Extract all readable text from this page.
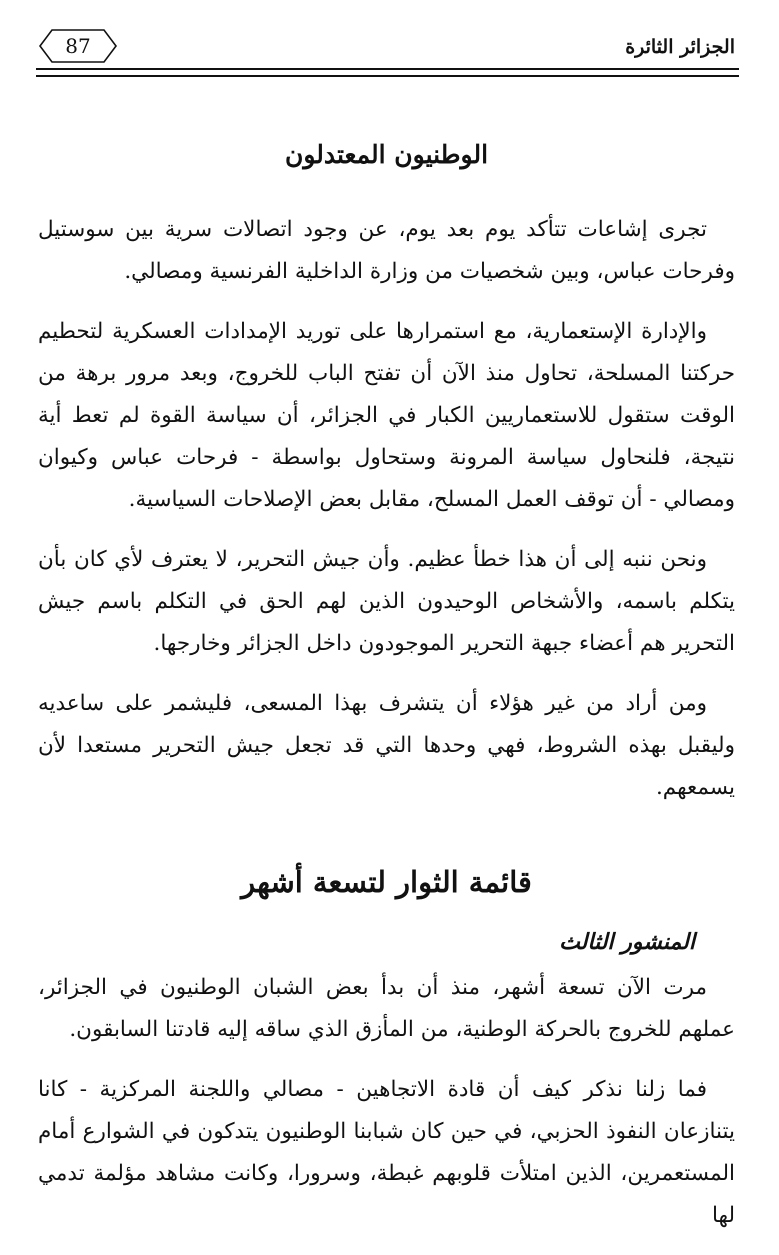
87	الجزائر الثائرة
الوطنيون المعتدلون

تجرى إشاعات تتأكد يوم بعد يوم، عن وجود اتصالات سرية بين سوستيل وفرحات عباس، وبين شخصيات من وزارة الداخلية الفرنسية ومصالي.

والإدارة الإستعمارية، مع استمرارها على توريد الإمدادات العسكرية لتحطيم حركتنا المسلحة، تحاول منذ الآن أن تفتح الباب للخروج، وبعد مرور برهة من الوقت ستقول للاستعماريين الكبار في الجزائر، أن سياسة القوة لم تعط أية نتيجة، فلنحاول سياسة المرونة وستحاول بواسطة - فرحات عباس وكيوان ومصالي - أن توقف العمل المسلح، مقابل بعض الإصلاحات السياسية.

ونحن ننبه إلى أن هذا خطأ عظيم. وأن جيش التحرير، لا يعترف لأي كان بأن يتكلم باسمه، والأشخاص الوحيدون الذين لهم الحق في التكلم باسم جيش التحرير هم أعضاء جبهة التحرير الموجودون داخل الجزائر وخارجها.

ومن أراد من غير هؤلاء أن يتشرف بهذا المسعى، فليشمر على ساعديه وليقبل بهذه الشروط، فهي وحدها التي قد تجعل جيش التحرير مستعدا لأن يسمعهم.

قائمة الثوار لتسعة أشهر
المنشور الثالث

مرت الآن تسعة أشهر، منذ أن بدأ بعض الشبان الوطنيون في الجزائر، عملهم للخروج بالحركة الوطنية، من المأزق الذي ساقه إليه قادتنا السابقون.

فما زلنا نذكر كيف أن قادة الاتجاهين - مصالي واللجنة المركزية - كانا يتنازعان النفوذ الحزبي، في حين كان شبابنا الوطنيون يتدكون في الشوارع أمام المستعمرين، الذين امتلأت قلوبهم غبطة، وسرورا، وكانت مشاهد مؤلمة تدمي لها
